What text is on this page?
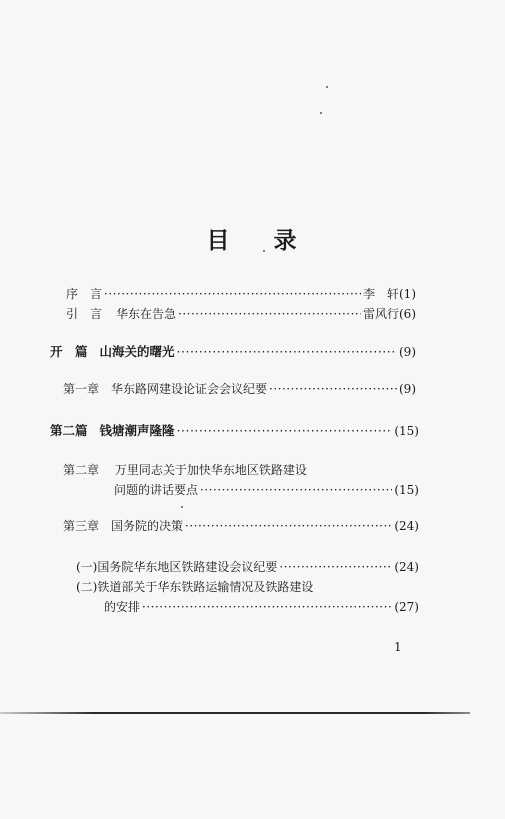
目 录
序　言 ·····	李　轩(1)
引　言 华东在告急 ·····	雷风行(6)
开　篇 山海关的曙光 ·····	(9)
第一章 华东路网建设论证会会议纪要 ·····	(9)
第二篇 钱塘潮声隆隆 ·····	(15)
第二章 万里同志关于加快华东地区铁路建设
问题的讲话要点 ·····	(15)
第三章 国务院的决策 ·····	(24)
(一)国务院华东地区铁路建设会议纪要 ·····	(24)
(二)铁道部关于华东铁路运输情况及铁路建设
的安排 ·····	(27)
1
